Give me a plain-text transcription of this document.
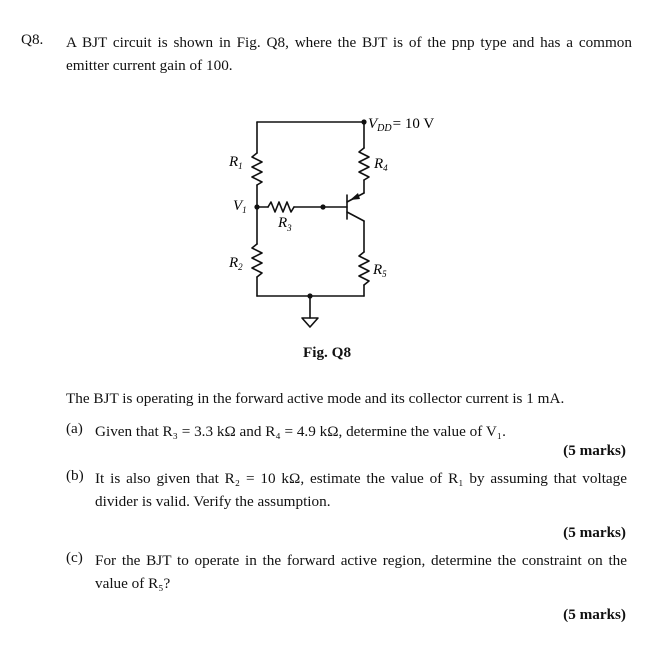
Q8. A BJT circuit is shown in Fig. Q8, where the BJT is of the pnp type and has a common emitter current gain of 100.
$V_{DD}= 10$ V
$R_1$
$V_1$
$R_3$
$R_2$
$R_4$
$R_5$
Fig. Q8
The BJT is operating in the forward active mode and its collector current is 1 mA.
(a) Given that R₃ = 3.3 kΩ and R₄ = 4.9 kΩ, determine the value of V₁.
(5 marks)
(b) It is also given that R₂ = 10 kΩ, estimate the value of R₁ by assuming that voltage divider is valid. Verify the assumption.
(5 marks)
(c) For the BJT to operate in the forward active region, determine the constraint on the value of R₅?
(5 marks)
